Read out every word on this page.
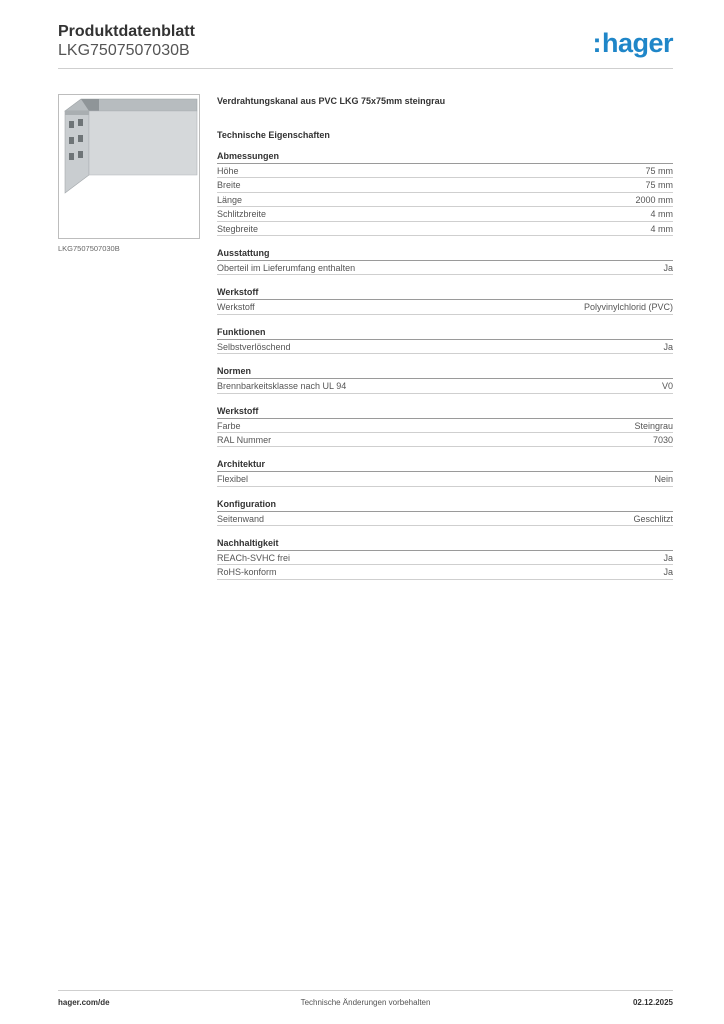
Produktdatenblatt
LKG7507507030B	:hager
LKG7507507030B
Verdrahtungskanal aus PVC LKG 75x75mm steingrau
Technische Eigenschaften
Abmessungen
Höhe	75 mm
Breite	75 mm
Länge	2000 mm
Schlitzbreite	4 mm
Stegbreite	4 mm
Ausstattung
Oberteil im Lieferumfang enthalten	Ja
Werkstoff
Werkstoff	Polyvinylchlorid (PVC)
Funktionen
Selbstverlöschend	Ja
Normen
Brennbarkeitsklasse nach UL 94	V0
Werkstoff
Farbe	Steingrau
RAL Nummer	7030
Architektur
Flexibel	Nein
Konfiguration
Seitenwand	Geschlitzt
Nachhaltigkeit
REACh-SVHC frei	Ja
RoHS-konform	Ja
hager.com/de	Technische Änderungen vorbehalten	02.12.2025
